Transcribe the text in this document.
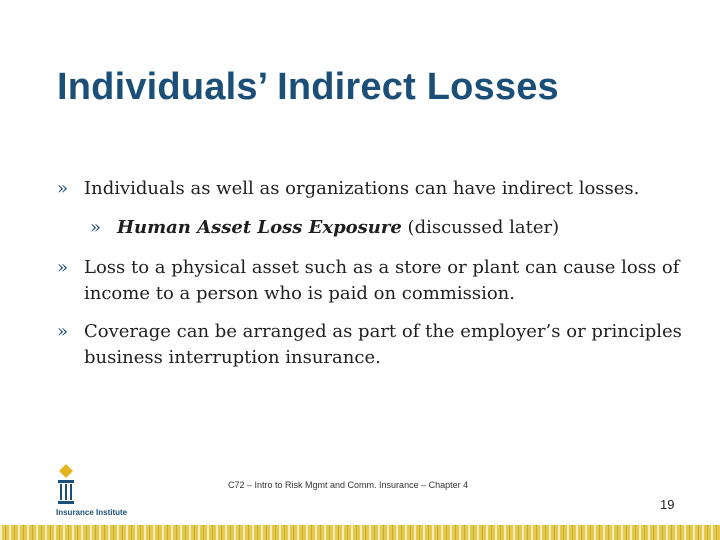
Individuals’ Indirect Losses
» Individuals as well as organizations can have indirect losses.
» Human Asset Loss Exposure (discussed later)
» Loss to a physical asset such as a store or plant can cause loss of income to a person who is paid on commission.
» Coverage can be arranged as part of the employer’s or principles business interruption insurance.
Insurance Institute
C72 – Intro to Risk Mgmt and Comm. Insurance – Chapter 4
19
